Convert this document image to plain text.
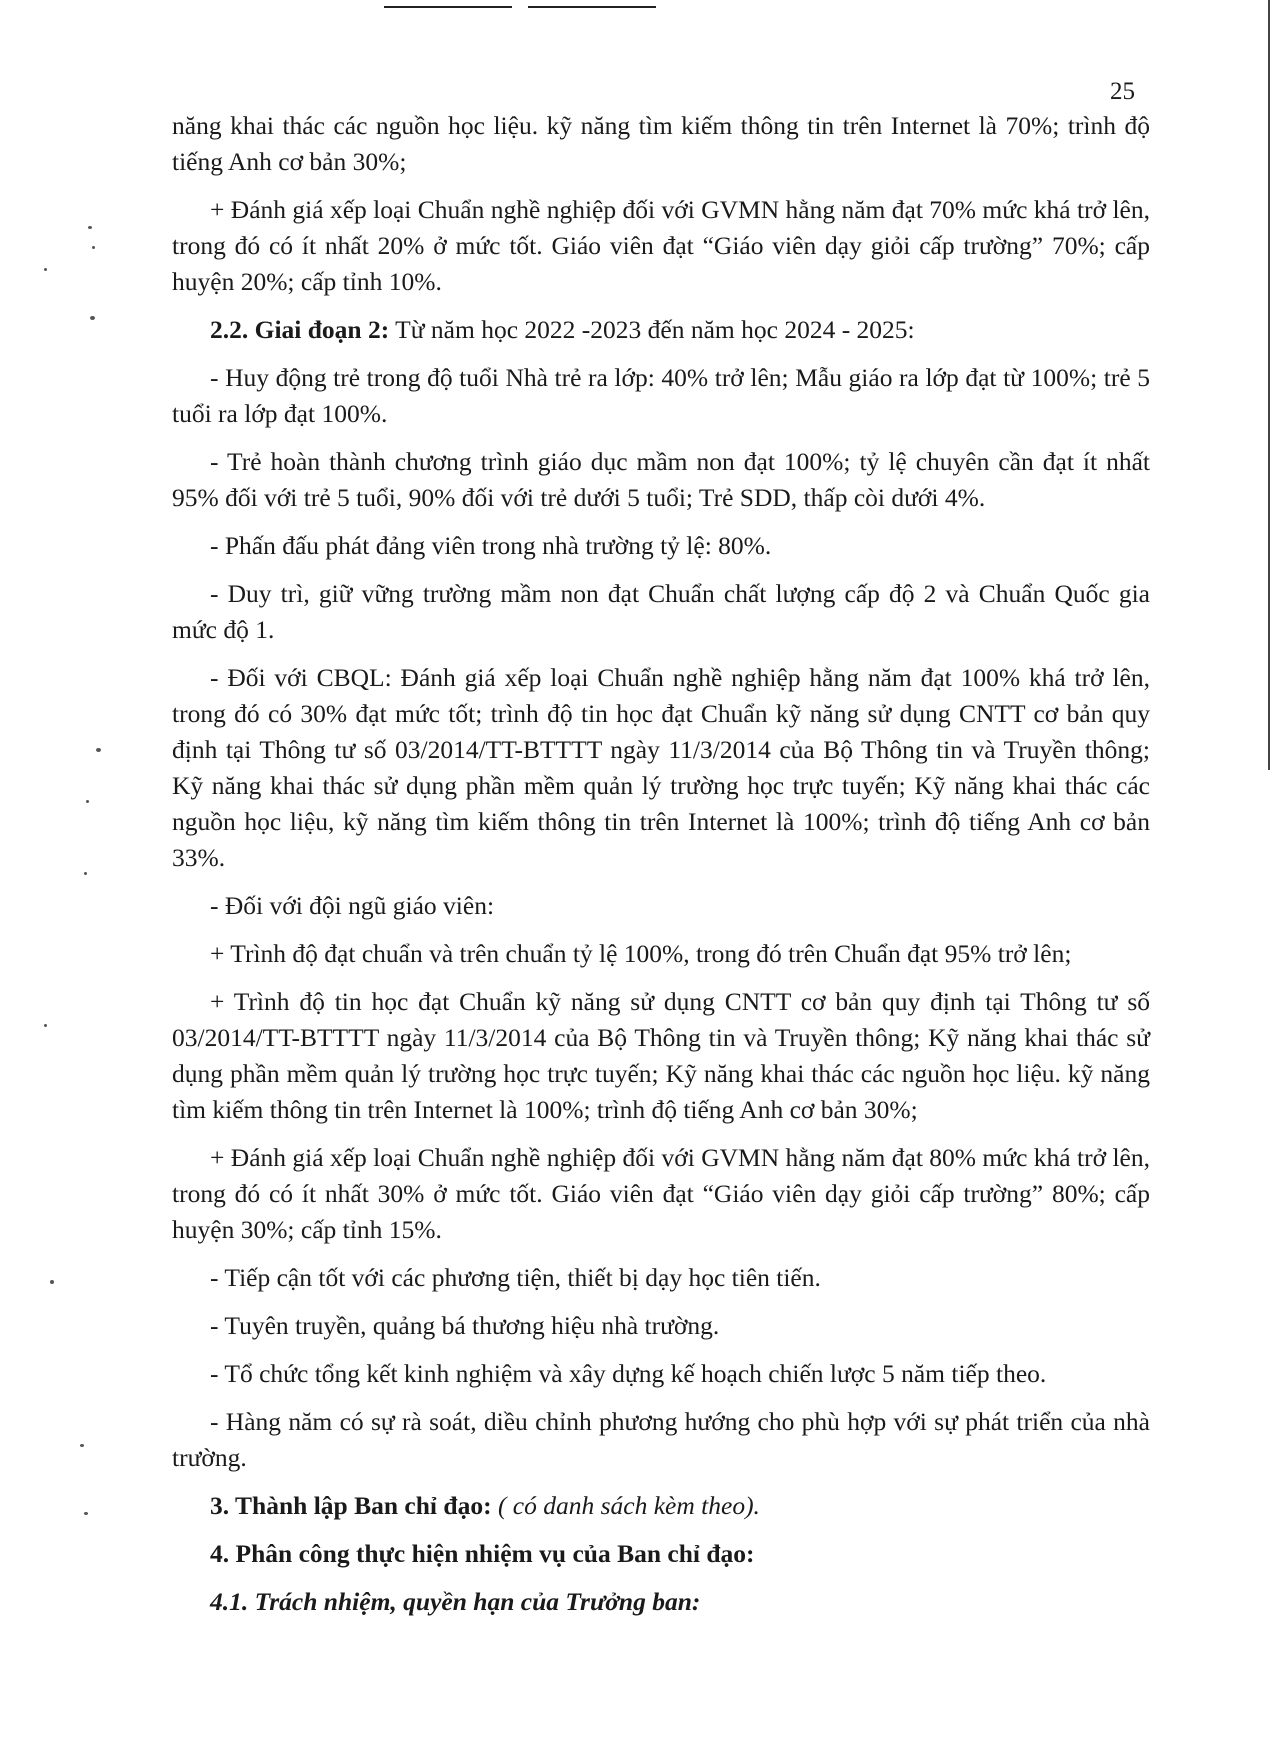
25

năng khai thác các nguồn học liệu. kỹ năng tìm kiếm thông tin trên Internet là 70%; trình độ tiếng Anh cơ bản 30%;

+ Đánh giá xếp loại Chuẩn nghề nghiệp đối với GVMN hằng năm đạt 70% mức khá trở lên, trong đó có ít nhất 20% ở mức tốt. Giáo viên đạt “Giáo viên dạy giỏi cấp trường” 70%; cấp huyện 20%; cấp tỉnh 10%.

2.2. Giai đoạn 2: Từ năm học 2022 -2023 đến năm học 2024 - 2025:

- Huy động trẻ trong độ tuổi Nhà trẻ ra lớp: 40% trở lên; Mẫu giáo ra lớp đạt từ 100%; trẻ 5 tuổi ra lớp đạt 100%.

- Trẻ hoàn thành chương trình giáo dục mầm non đạt 100%; tỷ lệ chuyên cần đạt ít nhất 95% đối với trẻ 5 tuổi, 90% đối với trẻ dưới 5 tuổi; Trẻ SDD, thấp còi dưới 4%.

- Phấn đấu phát đảng viên trong nhà trường tỷ lệ: 80%.

- Duy trì, giữ vững trường mầm non đạt Chuẩn chất lượng cấp độ 2 và Chuẩn Quốc gia mức độ 1.

- Đối với CBQL: Đánh giá xếp loại Chuẩn nghề nghiệp hằng năm đạt 100% khá trở lên, trong đó có 30% đạt mức tốt; trình độ tin học đạt Chuẩn kỹ năng sử dụng CNTT cơ bản quy định tại Thông tư số 03/2014/TT-BTTTT ngày 11/3/2014 của Bộ Thông tin và Truyền thông; Kỹ năng khai thác sử dụng phần mềm quản lý trường học trực tuyến; Kỹ năng khai thác các nguồn học liệu, kỹ năng tìm kiếm thông tin trên Internet là 100%; trình độ tiếng Anh cơ bản 33%.

- Đối với đội ngũ giáo viên:

+ Trình độ đạt chuẩn và trên chuẩn tỷ lệ 100%, trong đó trên Chuẩn đạt 95% trở lên;

+ Trình độ tin học đạt Chuẩn kỹ năng sử dụng CNTT cơ bản quy định tại Thông tư số 03/2014/TT-BTTTT ngày 11/3/2014 của Bộ Thông tin và Truyền thông; Kỹ năng khai thác sử dụng phần mềm quản lý trường học trực tuyến; Kỹ năng khai thác các nguồn học liệu. kỹ năng tìm kiếm thông tin trên Internet là 100%; trình độ tiếng Anh cơ bản 30%;

+ Đánh giá xếp loại Chuẩn nghề nghiệp đối với GVMN hằng năm đạt 80% mức khá trở lên, trong đó có ít nhất 30% ở mức tốt. Giáo viên đạt “Giáo viên dạy giỏi cấp trường” 80%; cấp huyện 30%; cấp tỉnh 15%.

- Tiếp cận tốt với các phương tiện, thiết bị dạy học tiên tiến.

- Tuyên truyền, quảng bá thương hiệu nhà trường.

- Tổ chức tổng kết kinh nghiệm và xây dựng kế hoạch chiến lược 5 năm tiếp theo.

- Hàng năm có sự rà soát, diều chỉnh phương hướng cho phù hợp với sự phát triển của nhà trường.

3. Thành lập Ban chỉ đạo: ( có danh sách kèm theo).

4. Phân công thực hiện nhiệm vụ của Ban chỉ đạo:

4.1. Trách nhiệm, quyền hạn của Trưởng ban:
